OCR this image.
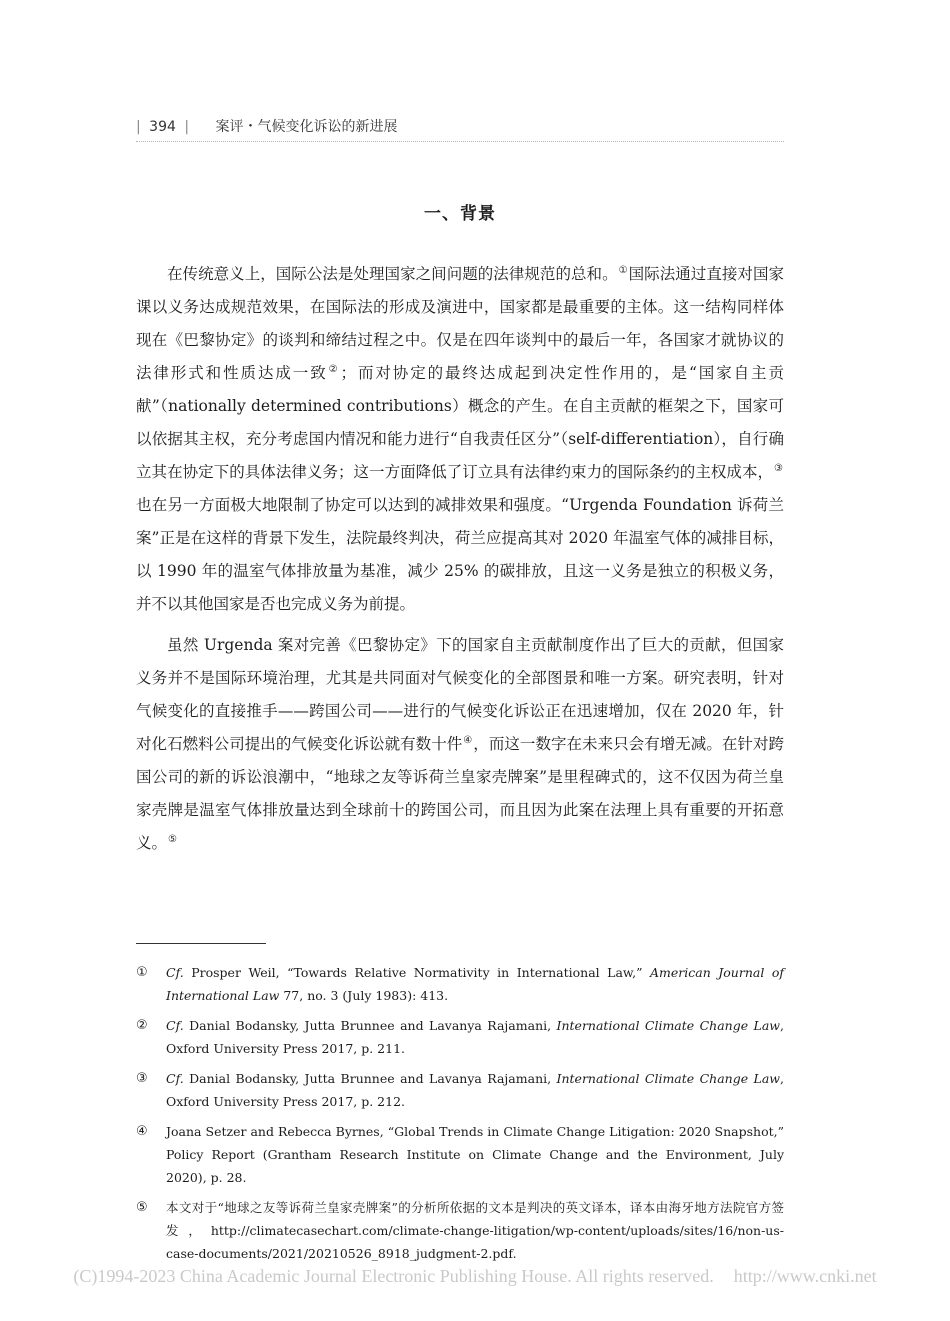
| 394 | 案评・气候变化诉讼的新进展
一、背景

在传统意义上，国际公法是处理国家之间问题的法律规范的总和。①国际法通过直接对国家课以义务达成规范效果，在国际法的形成及演进中，国家都是最重要的主体。这一结构同样体现在《巴黎协定》的谈判和缔结过程之中。仅是在四年谈判中的最后一年，各国家才就协议的法律形式和性质达成一致②；而对协定的最终达成起到决定性作用的，是“国家自主贡献”（nationally determined contributions）概念的产生。在自主贡献的框架之下，国家可以依据其主权，充分考虑国内情况和能力进行“自我责任区分”（self-differentiation），自行确立其在协定下的具体法律义务；这一方面降低了订立具有法律约束力的国际条约的主权成本，③也在另一方面极大地限制了协定可以达到的减排效果和强度。“Urgenda Foundation 诉荷兰案”正是在这样的背景下发生，法院最终判决，荷兰应提高其对 2020 年温室气体的减排目标，以 1990 年的温室气体排放量为基准，减少 25% 的碳排放，且这一义务是独立的积极义务，并不以其他国家是否也完成义务为前提。

虽然 Urgenda 案对完善《巴黎协定》下的国家自主贡献制度作出了巨大的贡献，但国家义务并不是国际环境治理，尤其是共同面对气候变化的全部图景和唯一方案。研究表明，针对气候变化的直接推手——跨国公司——进行的气候变化诉讼正在迅速增加，仅在 2020 年，针对化石燃料公司提出的气候变化诉讼就有数十件④，而这一数字在未来只会有增无减。在针对跨国公司的新的诉讼浪潮中，“地球之友等诉荷兰皇家壳牌案”是里程碑式的，这不仅因为荷兰皇家壳牌是温室气体排放量达到全球前十的跨国公司，而且因为此案在法理上具有重要的开拓意义。⑤

① Cf. Prosper Weil, “Towards Relative Normativity in International Law,” American Journal of International Law 77, no. 3 (July 1983): 413.
② Cf. Danial Bodansky, Jutta Brunnee and Lavanya Rajamani, International Climate Change Law, Oxford University Press 2017, p. 211.
③ Cf. Danial Bodansky, Jutta Brunnee and Lavanya Rajamani, International Climate Change Law, Oxford University Press 2017, p. 212.
④ Joana Setzer and Rebecca Byrnes, “Global Trends in Climate Change Litigation: 2020 Snapshot,” Policy Report (Grantham Research Institute on Climate Change and the Environment, July 2020), p. 28.
⑤ 本文对于“地球之友等诉荷兰皇家壳牌案”的分析所依据的文本是判决的英文译本，译本由海牙地方法院官方签发，http://climatecasechart.com/climate-change-litigation/wp-content/uploads/sites/16/non-us-case-documents/2021/20210526_8918_judgment-2.pdf.
(C)1994-2023 China Academic Journal Electronic Publishing House. All rights reserved. http://www.cnki.net
